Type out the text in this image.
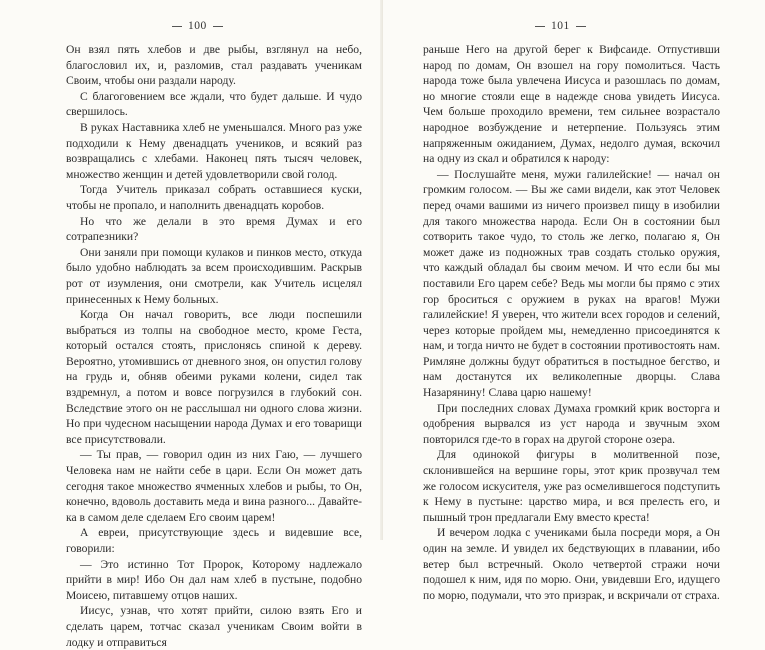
100

Он взял пять хлебов и две рыбы, взглянул на небо, благословил их, и, разломив, стал раздавать ученикам Своим, чтобы они раздали народу.

С благоговением все ждали, что будет дальше. И чудо свершилось.

В руках Наставника хлеб не уменьшался. Много раз уже подходили к Нему двенадцать учеников, и всякий раз возвращались с хлебами. Наконец пять тысяч человек, множество женщин и детей удовлетворили свой голод.

Тогда Учитель приказал собрать оставшиеся куски, чтобы не пропало, и наполнить двенадцать коробов.

Но что же делали в это время Думах и его сотрапезники?

Они заняли при помощи кулаков и пинков место, откуда было удобно наблюдать за всем происходившим. Раскрыв рот от изумления, они смотрели, как Учитель исцелял принесенных к Нему больных.

Когда Он начал говорить, все люди поспешили выбраться из толпы на свободное место, кроме Геста, который остался стоять, прислонясь спиной к дереву. Вероятно, утомившись от дневного зноя, он опустил голову на грудь и, обняв обеими руками колени, сидел так вздремнул, а потом и вовсе погрузился в глубокий сон. Вследствие этого он не расслышал ни одного слова жизни. Но при чудесном насыщении народа Думах и его товарищи все присутствовали.

— Ты прав, — говорил один из них Гаю, — лучшего Человека нам не найти себе в цари. Если Он может дать сегодня такое множество ячменных хлебов и рыбы, то Он, конечно, вдоволь доставить меда и вина разного... Давайте-ка в самом деле сделаем Его своим царем!

А евреи, присутствующие здесь и видевшие все, говорили:

— Это истинно Тот Пророк, Которому надлежало прийти в мир! Ибо Он дал нам хлеб в пустыне, подобно Моисею, питавшему отцов наших.

Иисус, узнав, что хотят прийти, силою взять Его и сделать царем, тотчас сказал ученикам Своим войти в лодку и отправиться

101

раньше Него на другой берег к Вифсаиде. Отпустивши народ по домам, Он взошел на гору помолиться. Часть народа тоже была увлечена Иисуса и разошлась по домам, но многие стояли еще в надежде снова увидеть Иисуса. Чем больше проходило времени, тем сильнее возрастало народное возбуждение и нетерпение. Пользуясь этим напряженным ожиданием, Думах, недолго думая, вскочил на одну из скал и обратился к народу:

— Послушайте меня, мужи галилейские! — начал он громким голосом. — Вы же сами видели, как этот Человек перед очами вашими из ничего произвел пищу в изобилии для такого множества народа. Если Он в состоянии был сотворить такое чудо, то столь же легко, полагаю я, Он может даже из подножных трав создать столько оружия, что каждый обладал бы своим мечом. И что если бы мы поставили Его царем себе? Ведь мы могли бы прямо с этих гор броситься с оружием в руках на врагов! Мужи галилейские! Я уверен, что жители всех городов и селений, через которые пройдем мы, немедленно присоединятся к нам, и тогда ничто не будет в состоянии противостоять нам. Римляне должны будут обратиться в постыдное бегство, и нам достанутся их великолепные дворцы. Слава Назарянину! Слава царю нашему!

При последних словах Думаха громкий крик восторга и одобрения вырвался из уст народа и звучным эхом повторился где-то в горах на другой стороне озера.

Для одинокой фигуры в молитвенной позе, склонившейся на вершине горы, этот крик прозвучал тем же голосом искусителя, уже раз осмелившегося подступить к Нему в пустыне: царство мира, и вся прелесть его, и пышный трон предлагали Ему вместо креста!

И вечером лодка с учениками была посреди моря, а Он один на земле. И увидел их бедствующих в плавании, ибо ветер был встречный. Около четвертой стражи ночи подошел к ним, идя по морю. Они, увидевши Его, идущего по морю, подумали, что это призрак, и вскричали от страха.
